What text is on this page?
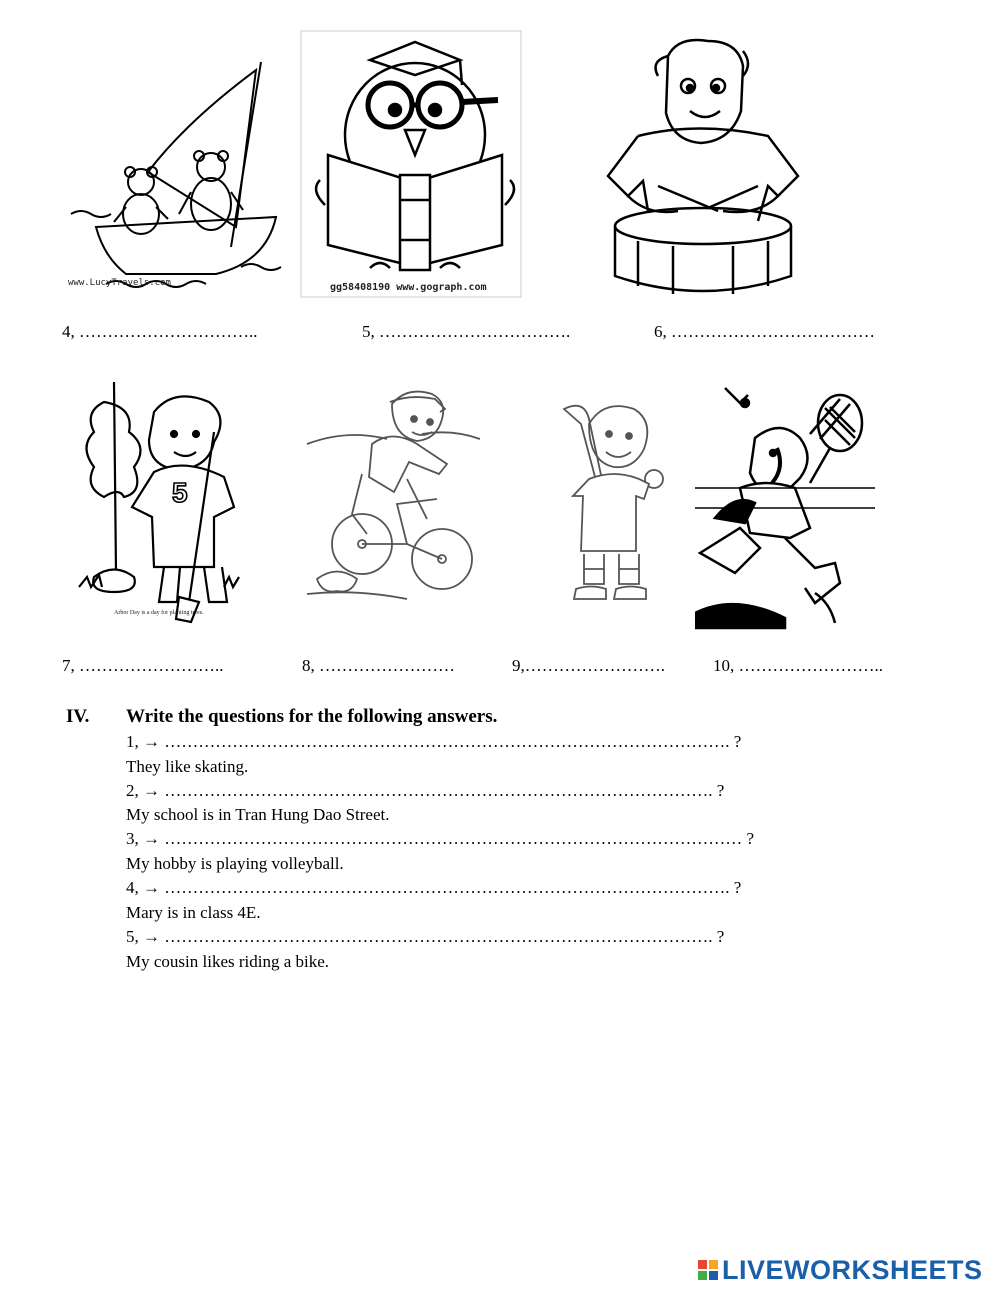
www.LucyTravels.com	gg58408190 www.gograph.com
4, …………………………..	5, …………………………….	6, ………………………………
5
Arbor Day is a day for planting trees.
7, ……………………..	8, ……………………	9,…………………….	10, ……………………..
IV. Write the questions for the following answers.
1, → ………………………………………………………………………………………. ?
They like skating.
2, → ……………………………………………………………………………………. ?
My school is in Tran Hung Dao Street.
3, → ………………………………………………………………………………………… ?
My hobby is playing volleyball.
4, → ………………………………………………………………………………………. ?
Mary is in class 4E.
5, → ……………………………………………………………………………………. ?
My cousin likes riding a bike.
LIVEWORKSHEETS
